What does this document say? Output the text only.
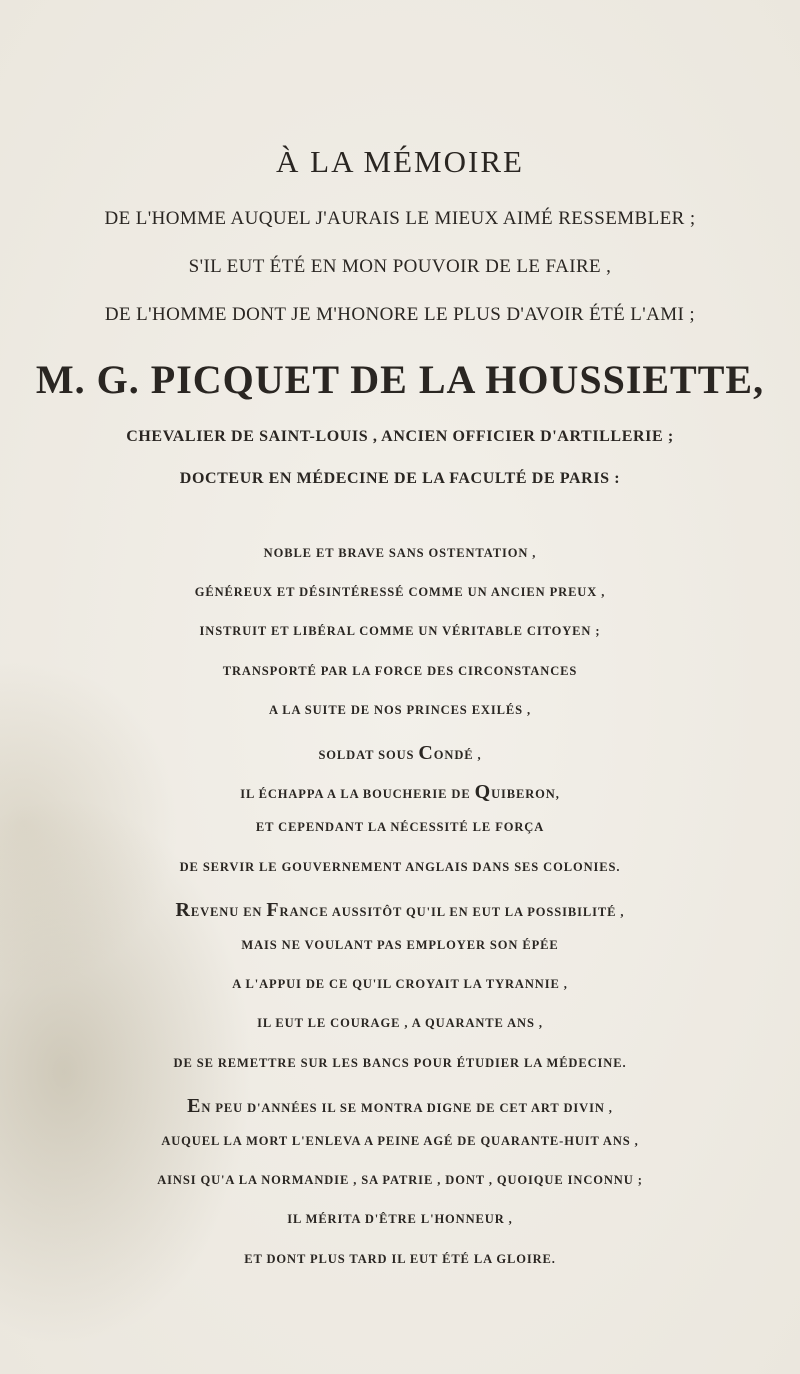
À LA MÉMOIRE
DE L'HOMME AUQUEL J'AURAIS LE MIEUX AIMÉ RESSEMBLER ;
S'IL EUT ÉTÉ EN MON POUVOIR DE LE FAIRE ,
DE L'HOMME DONT JE M'HONORE LE PLUS D'AVOIR ÉTÉ L'AMI ;
M. G. PICQUET DE LA HOUSSIETTE,
CHEVALIER DE SAINT-LOUIS , ANCIEN OFFICIER D'ARTILLERIE ;
DOCTEUR EN MÉDECINE DE LA FACULTÉ DE PARIS :
NOBLE ET BRAVE SANS OSTENTATION ,
GÉNÉREUX ET DÉSINTÉRESSÉ COMME UN ANCIEN PREUX ,
INSTRUIT ET LIBÉRAL COMME UN VÉRITABLE CITOYEN ;
TRANSPORTÉ PAR LA FORCE DES CIRCONSTANCES
A LA SUITE DE NOS PRINCES EXILÉS ,
SOLDAT SOUS CONDÉ ,
IL ÉCHAPPA A LA BOUCHERIE DE QUIBERON,
ET CEPENDANT LA NÉCESSITÉ LE FORÇA
DE SERVIR LE GOUVERNEMENT ANGLAIS DANS SES COLONIES.
REVENU EN FRANCE AUSSITÔT QU'IL EN EUT LA POSSIBILITÉ ,
MAIS NE VOULANT PAS EMPLOYER SON ÉPÉE
A L'APPUI DE CE QU'IL CROYAIT LA TYRANNIE ,
IL EUT LE COURAGE , A QUARANTE ANS ,
DE SE REMETTRE SUR LES BANCS POUR ÉTUDIER LA MÉDECINE.
EN PEU D'ANNÉES IL SE MONTRA DIGNE DE CET ART DIVIN ,
AUQUEL LA MORT L'ENLEVA A PEINE AGÉ DE QUARANTE-HUIT ANS ,
AINSI QU'A LA NORMANDIE , SA PATRIE , DONT , QUOIQUE INCONNU ;
IL MÉRITA D'ÊTRE L'HONNEUR ,
ET DONT PLUS TARD IL EUT ÉTÉ LA GLOIRE.
